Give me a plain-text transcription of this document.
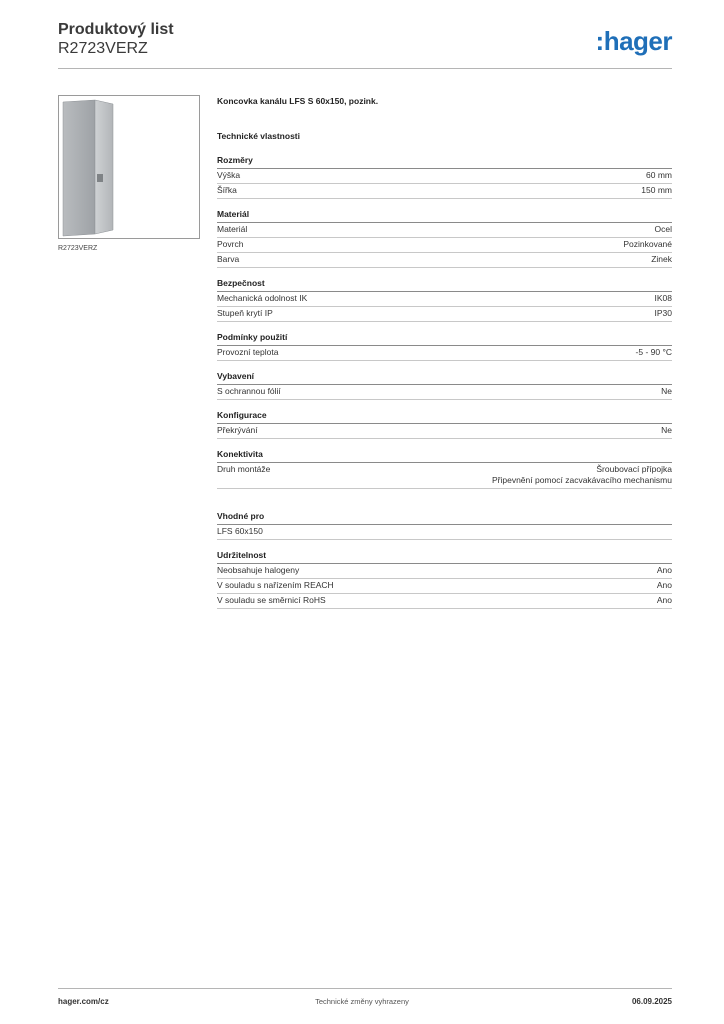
Produktový list
R2723VERZ	:hager
R2723VERZ
Koncovka kanálu LFS S 60x150, pozink.
Technické vlastnosti
Rozměry
Výška	60 mm
Šířka	150 mm
Materiál
Materiál	Ocel
Povrch	Pozinkované
Barva	Zinek
Bezpečnost
Mechanická odolnost IK	IK08
Stupeň krytí IP	IP30
Podmínky použití
Provozní teplota	-5 - 90 °C
Vybavení
S ochrannou fólií	Ne
Konfigurace
Překrývání	Ne
Konektivita
Druh montáže	Šroubovací přípojka
Připevnění pomocí zacvakávacího mechanismu
Vhodné pro
LFS 60x150
Udržitelnost
Neobsahuje halogeny	Ano
V souladu s nařízením REACH	Ano
V souladu se směrnicí RoHS	Ano
hager.com/cz	Technické změny vyhrazeny	06.09.2025
